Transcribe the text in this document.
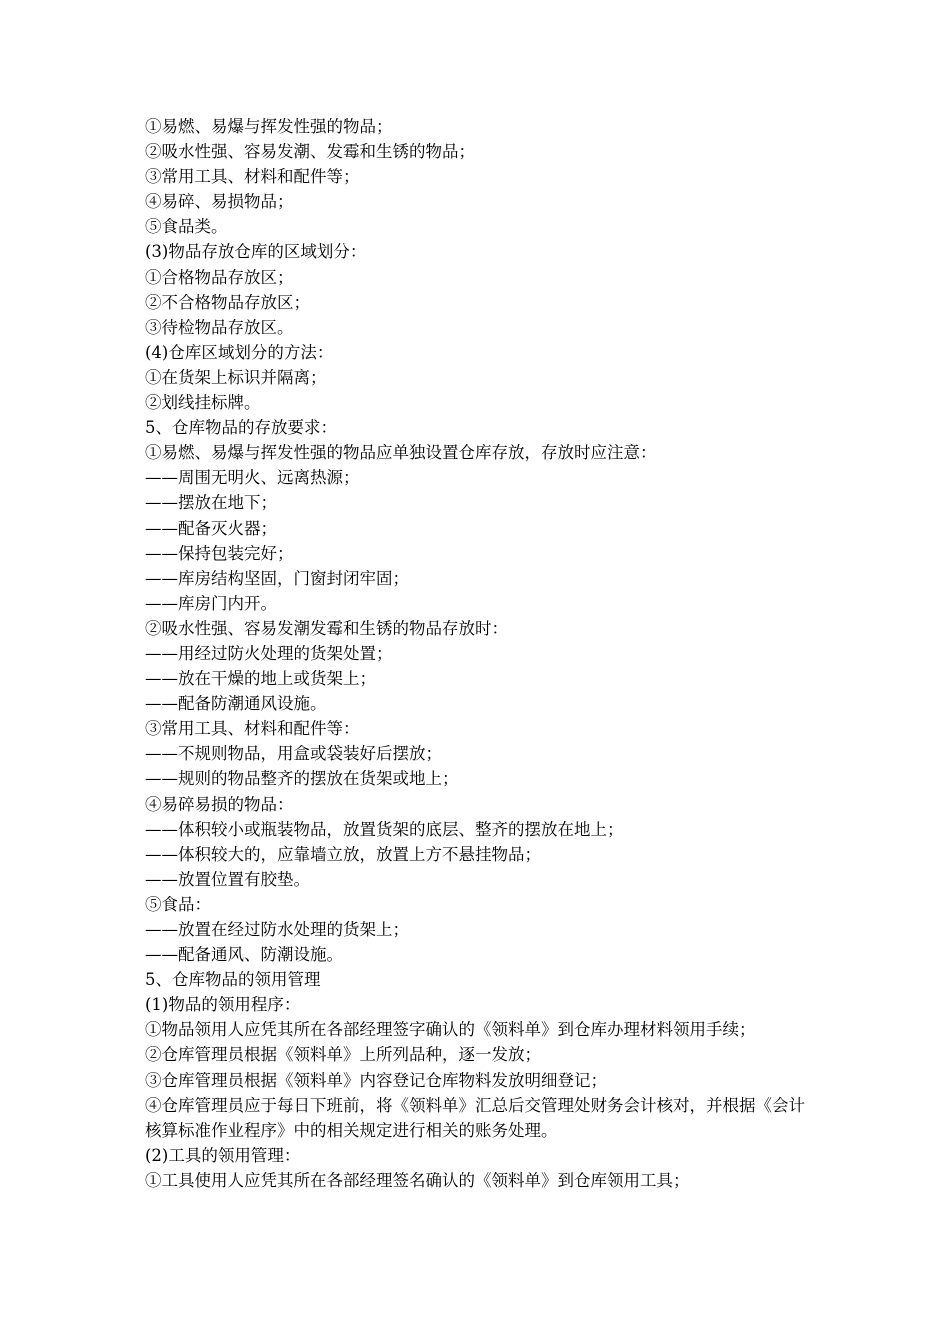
①易燃、易爆与挥发性强的物品；

②吸水性强、容易发潮、发霉和生锈的物品；

③常用工具、材料和配件等；

④易碎、易损物品；

⑤食品类。

(3)物品存放仓库的区域划分：

①合格物品存放区；

②不合格物品存放区；

③待检物品存放区。

(4)仓库区域划分的方法：

①在货架上标识并隔离；

②划线挂标牌。

5、仓库物品的存放要求：

①易燃、易爆与挥发性强的物品应单独设置仓库存放，存放时应注意：

——周围无明火、远离热源；

——摆放在地下；

——配备灭火器；

——保持包装完好；

——库房结构坚固，门窗封闭牢固；

——库房门内开。

②吸水性强、容易发潮发霉和生锈的物品存放时：

——用经过防火处理的货架处置；

——放在干燥的地上或货架上；

——配备防潮通风设施。

③常用工具、材料和配件等：

——不规则物品，用盒或袋装好后摆放；

——规则的物品整齐的摆放在货架或地上；

④易碎易损的物品：

——体积较小或瓶装物品，放置货架的底层、整齐的摆放在地上；

——体积较大的，应靠墙立放，放置上方不悬挂物品；

——放置位置有胶垫。

⑤食品：

——放置在经过防水处理的货架上；

——配备通风、防潮设施。

5、仓库物品的领用管理

(1)物品的领用程序：

①物品领用人应凭其所在各部经理签字确认的《领料单》到仓库办理材料领用手续；

②仓库管理员根据《领料单》上所列品种，逐一发放；

③仓库管理员根据《领料单》内容登记仓库物料发放明细登记；

④仓库管理员应于每日下班前，将《领料单》汇总后交管理处财务会计核对，并根据《会计核算标准作业程序》中的相关规定进行相关的账务处理。

(2)工具的领用管理：

①工具使用人应凭其所在各部经理签名确认的《领料单》到仓库领用工具；
